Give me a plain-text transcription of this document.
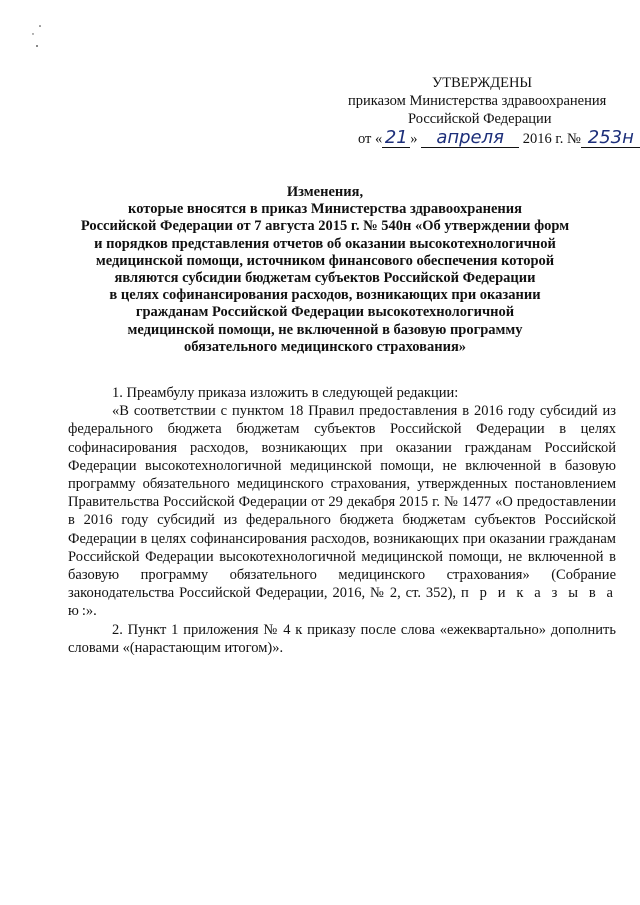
УТВЕРЖДЕНЫ
приказом Министерства здравоохранения
Российской Федерации
от « 21 » апреля 2016 г. № 253н
Изменения,
которые вносятся в приказ Министерства здравоохранения
Российской Федерации от 7 августа 2015 г. № 540н «Об утверждении форм
и порядков представления отчетов об оказании высокотехнологичной
медицинской помощи, источником финансового обеспечения которой
являются субсидии бюджетам субъектов Российской Федерации
в целях софинансирования расходов, возникающих при оказании
гражданам Российской Федерации высокотехнологичной
медицинской помощи, не включенной в базовую программу
обязательного медицинского страхования»

1. Преамбулу приказа изложить в следующей редакции:

«В соответствии с пунктом 18 Правил предоставления в 2016 году субсидий из федерального бюджета бюджетам субъектов Российской Федерации в целях софинасирования расходов, возникающих при оказании гражданам Российской Федерации высокотехнологичной медицинской помощи, не включенной в базовую программу обязательного медицинского страхования, утвержденных постановлением Правительства Российской Федерации от 29 декабря 2015 г. № 1477 «О предоставлении в 2016 году субсидий из федерального бюджета бюджетам субъектов Российской Федерации в целях софинансирования расходов, возникающих при оказании гражданам Российской Федерации высокотехнологичной медицинской помощи, не включенной в базовую программу обязательного медицинского страхования» (Собрание законодательства Российской Федерации, 2016, № 2, ст. 352), п р и к а з ы в а ю:».

2. Пункт 1 приложения № 4 к приказу после слова «ежеквартально» дополнить словами «(нарастающим итогом)».
